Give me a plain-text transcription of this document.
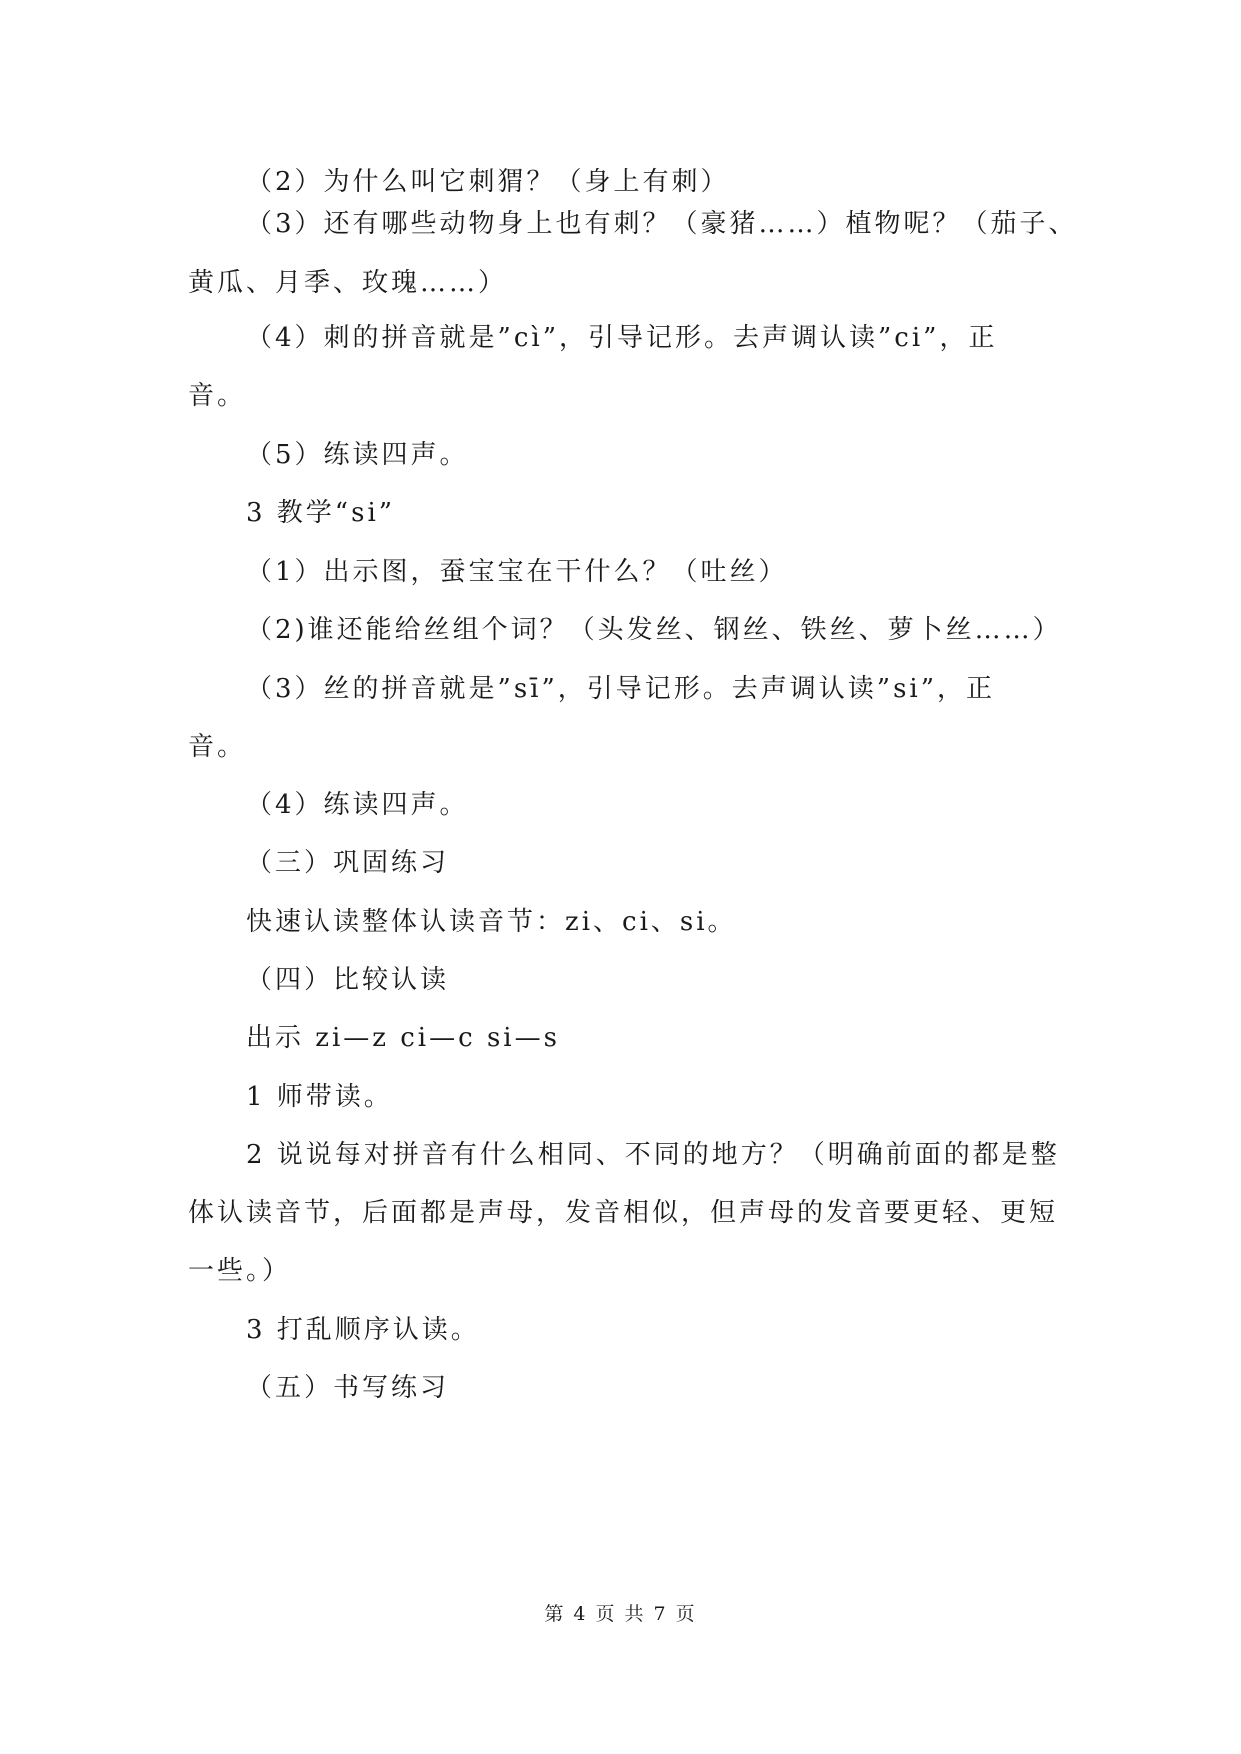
（2）为什么叫它刺猬？（身上有刺）
（3）还有哪些动物身上也有刺？（豪猪……）植物呢？（茄子、
黄瓜、月季、玫瑰……）
（4）刺的拼音就是”cì”，引导记形。去声调认读”ci”，正
音。
（5）练读四声。
3 教学“si”
（1）出示图，蚕宝宝在干什么？（吐丝）
（2)谁还能给丝组个词？（头发丝、钢丝、铁丝、萝卜丝……）
（3）丝的拼音就是”sī”，引导记形。去声调认读”si”，正
音。
（4）练读四声。
（三）巩固练习
快速认读整体认读音节：zi、ci、si。
（四）比较认读
出示 zi—z ci—c si—s
1 师带读。
2 说说每对拼音有什么相同、不同的地方？（明确前面的都是整
体认读音节，后面都是声母，发音相似，但声母的发音要更轻、更短
一些。）
3 打乱顺序认读。
（五）书写练习
第 4 页 共 7 页
